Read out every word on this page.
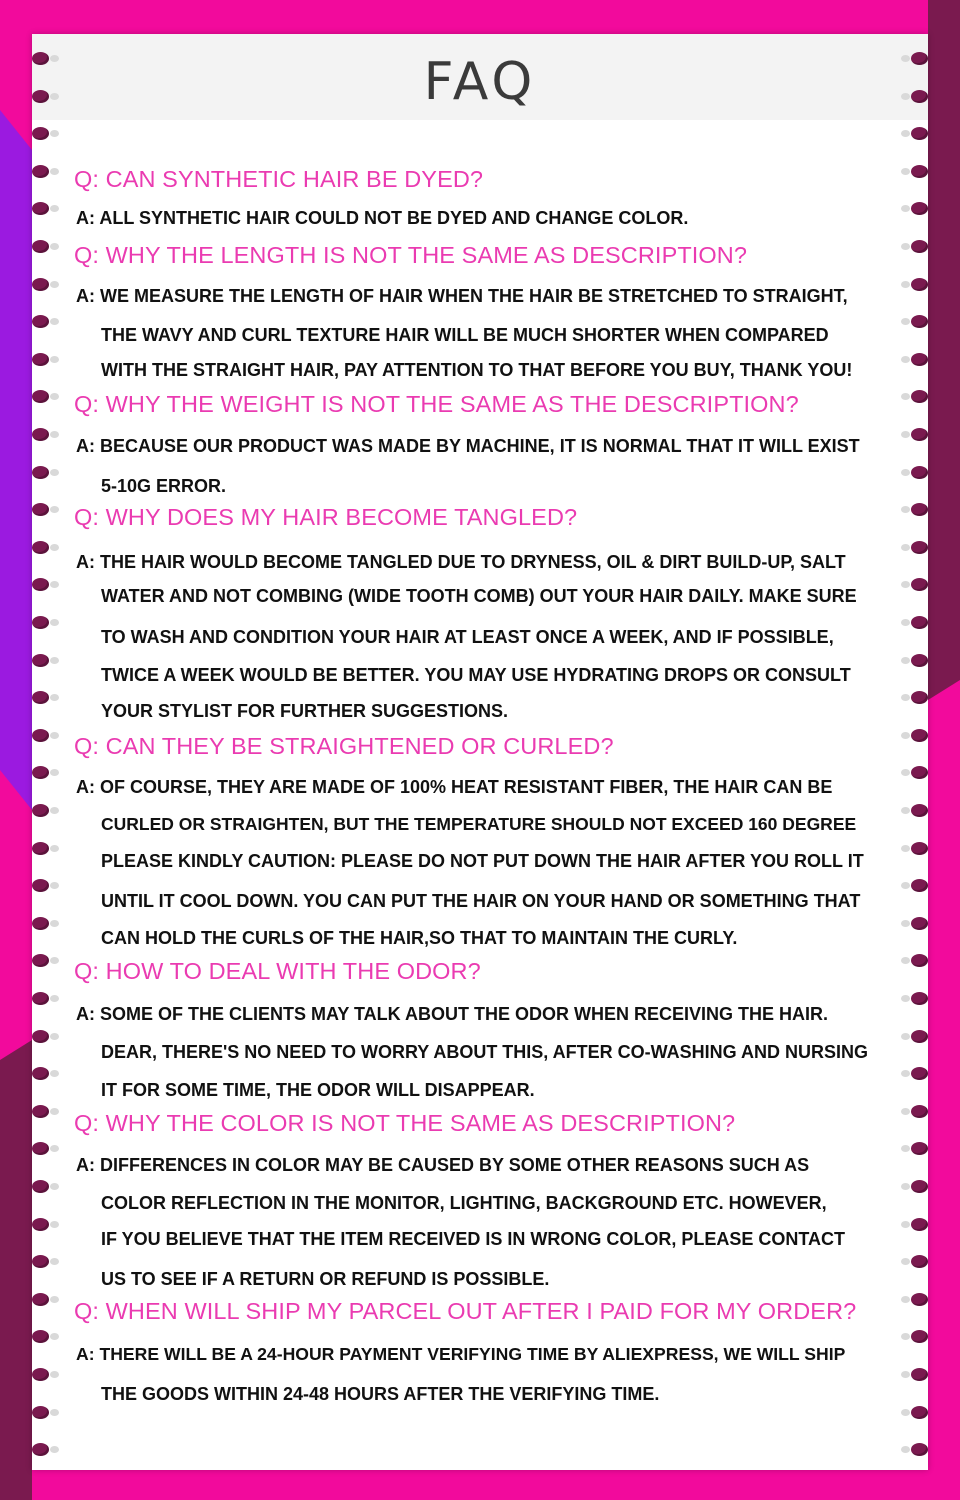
FAQ
Q: CAN SYNTHETIC HAIR BE DYED?
A: ALL SYNTHETIC HAIR COULD NOT BE DYED AND CHANGE COLOR.
Q: WHY THE LENGTH IS NOT THE SAME AS DESCRIPTION?
A: WE MEASURE THE LENGTH OF HAIR WHEN THE HAIR BE STRETCHED TO STRAIGHT,
THE WAVY AND CURL TEXTURE HAIR WILL BE MUCH SHORTER WHEN COMPARED
WITH THE STRAIGHT HAIR, PAY ATTENTION TO THAT BEFORE YOU BUY, THANK YOU!
Q: WHY THE WEIGHT IS NOT THE SAME AS THE DESCRIPTION?
A: BECAUSE OUR PRODUCT WAS MADE BY MACHINE, IT IS NORMAL THAT IT WILL EXIST
5-10G ERROR.
Q: WHY DOES MY HAIR BECOME TANGLED?
A: THE HAIR WOULD BECOME TANGLED DUE TO DRYNESS, OIL & DIRT BUILD-UP, SALT
WATER AND NOT COMBING (WIDE TOOTH COMB) OUT YOUR HAIR DAILY. MAKE SURE
TO WASH AND CONDITION YOUR HAIR AT LEAST ONCE A WEEK, AND IF POSSIBLE,
TWICE A WEEK WOULD BE BETTER. YOU MAY USE HYDRATING DROPS OR CONSULT
YOUR STYLIST FOR FURTHER SUGGESTIONS.
Q: CAN THEY BE STRAIGHTENED OR CURLED?
A: OF COURSE, THEY ARE MADE OF 100% HEAT RESISTANT FIBER, THE HAIR CAN BE
CURLED OR STRAIGHTEN, BUT THE TEMPERATURE SHOULD NOT EXCEED 160 DEGREE
PLEASE KINDLY CAUTION: PLEASE DO NOT PUT DOWN THE HAIR AFTER YOU ROLL IT
UNTIL IT COOL DOWN. YOU CAN PUT THE HAIR ON YOUR HAND OR SOMETHING THAT
CAN HOLD THE CURLS OF THE HAIR,SO THAT TO MAINTAIN THE CURLY.
Q: HOW TO DEAL WITH THE ODOR?
A: SOME OF THE CLIENTS MAY TALK ABOUT THE ODOR WHEN RECEIVING THE HAIR.
DEAR, THERE'S NO NEED TO WORRY ABOUT THIS, AFTER CO-WASHING AND NURSING
IT FOR SOME TIME, THE ODOR WILL DISAPPEAR.
Q: WHY THE COLOR IS NOT THE SAME AS DESCRIPTION?
A: DIFFERENCES IN COLOR MAY BE CAUSED BY SOME OTHER REASONS SUCH AS
COLOR REFLECTION IN THE MONITOR, LIGHTING, BACKGROUND ETC. HOWEVER,
IF YOU BELIEVE THAT THE ITEM RECEIVED IS IN WRONG COLOR, PLEASE CONTACT
US TO SEE IF A RETURN OR REFUND IS POSSIBLE.
Q: WHEN WILL SHIP MY PARCEL OUT AFTER I PAID FOR MY ORDER?
A: THERE WILL BE A 24-HOUR PAYMENT VERIFYING TIME BY ALIEXPRESS, WE WILL SHIP
THE GOODS WITHIN 24-48 HOURS AFTER THE VERIFYING TIME.
